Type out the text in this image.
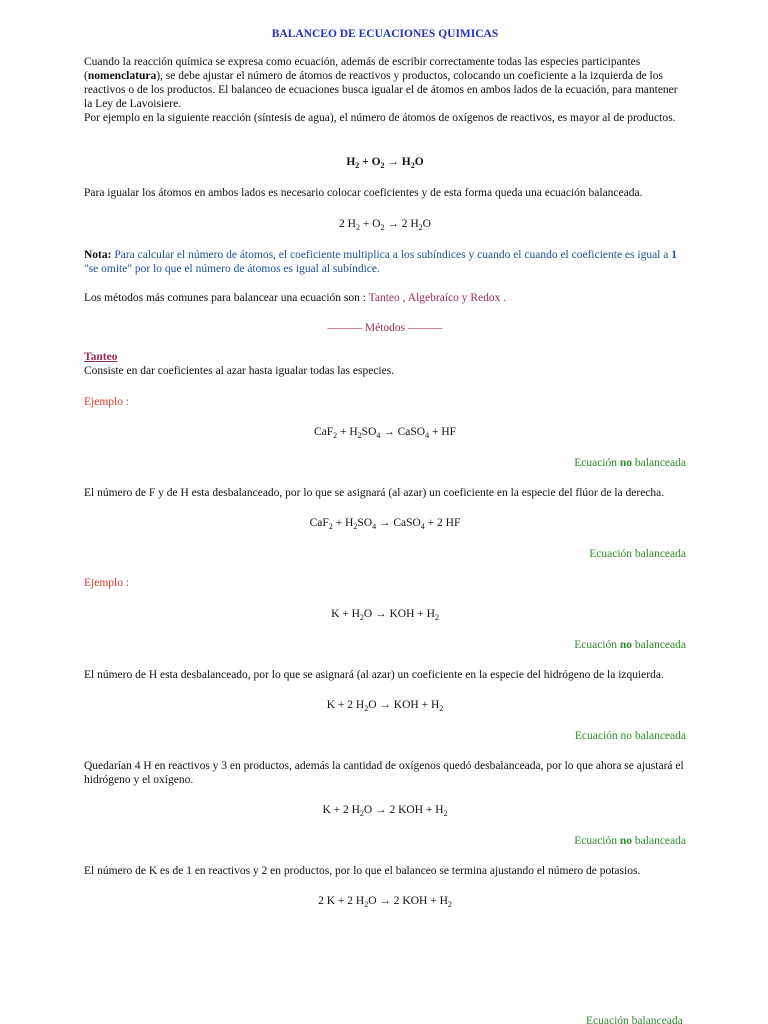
BALANCEO DE ECUACIONES QUIMICAS

Cuando la reacción química se expresa como ecuación, además de escribir correctamente todas las especies participantes (nomenclatura), se debe ajustar el número de átomos de reactivos y productos, colocando un coeficiente a la izquierda de los reactivos o de los productos. El balanceo de ecuaciones busca igualar el de átomos en ambos lados de la ecuación, para mantener la Ley de Lavoisiere.

Por ejemplo en la siguiente reacción (síntesis de agua), el número de átomos de oxígenos de reactivos, es mayor al de productos.

$H_2 + O_2 \to H_2O$

Para igualar los átomos en ambos lados es necesario colocar coeficientes y de esta forma queda una ecuación balanceada.

2 $H_2 + O_2 \to 2$ $H_2O$

Nota: Para calcular el número de átomos, el coeficiente multiplica a los subíndices y cuando el cuando el coeficiente es igual a 1 "se omite" por lo que el número de átomos es igual al subíndice.

Los métodos más comunes para balancear una ecuación son : Tanteo , Algebraíco y Redox .

——— Métodos ———

Tanteo

Consiste en dar coeficientes al azar hasta igualar todas las especies.

Ejemplo :

$CaF_2 + H_2SO_4$ → CaSO$_4$ + HF

Ecuación no balanceada

El número de F y de H esta desbalanceado, por lo que se asignará (al azar) un coeficiente en la especie del flúor de la derecha.

$CaF_2 + H_2SO_4$ → CaSO$_4$ + 2 HF

Ecuación balanceada

Ejemplo :

$K + H_2O$ → KOH + $H_2$

Ecuación no balanceada

El número de H esta desbalanceado, por lo que se asignará (al azar) un coeficiente en la especie del hidrógeno de la izquierda.

K + 2 $H_2O$ → KOH + $H_2$

Ecuación no balanceada

Quedarían 4 H en reactivos y 3 en productos, además la cantidad de oxígenos quedó desbalanceada, por lo que ahora se ajustará el hidrógeno y el oxígeno.

K + 2 $H_2O \to 2$ KOH + $H_2$

Ecuación no balanceada

El número de K es de 1 en reactivos y 2 en productos, por lo que el balanceo se termina ajustando el número de potasios.

2 K + 2 $H_2O \to 2$ KOH + $H_2$

Ecuación balanceada
